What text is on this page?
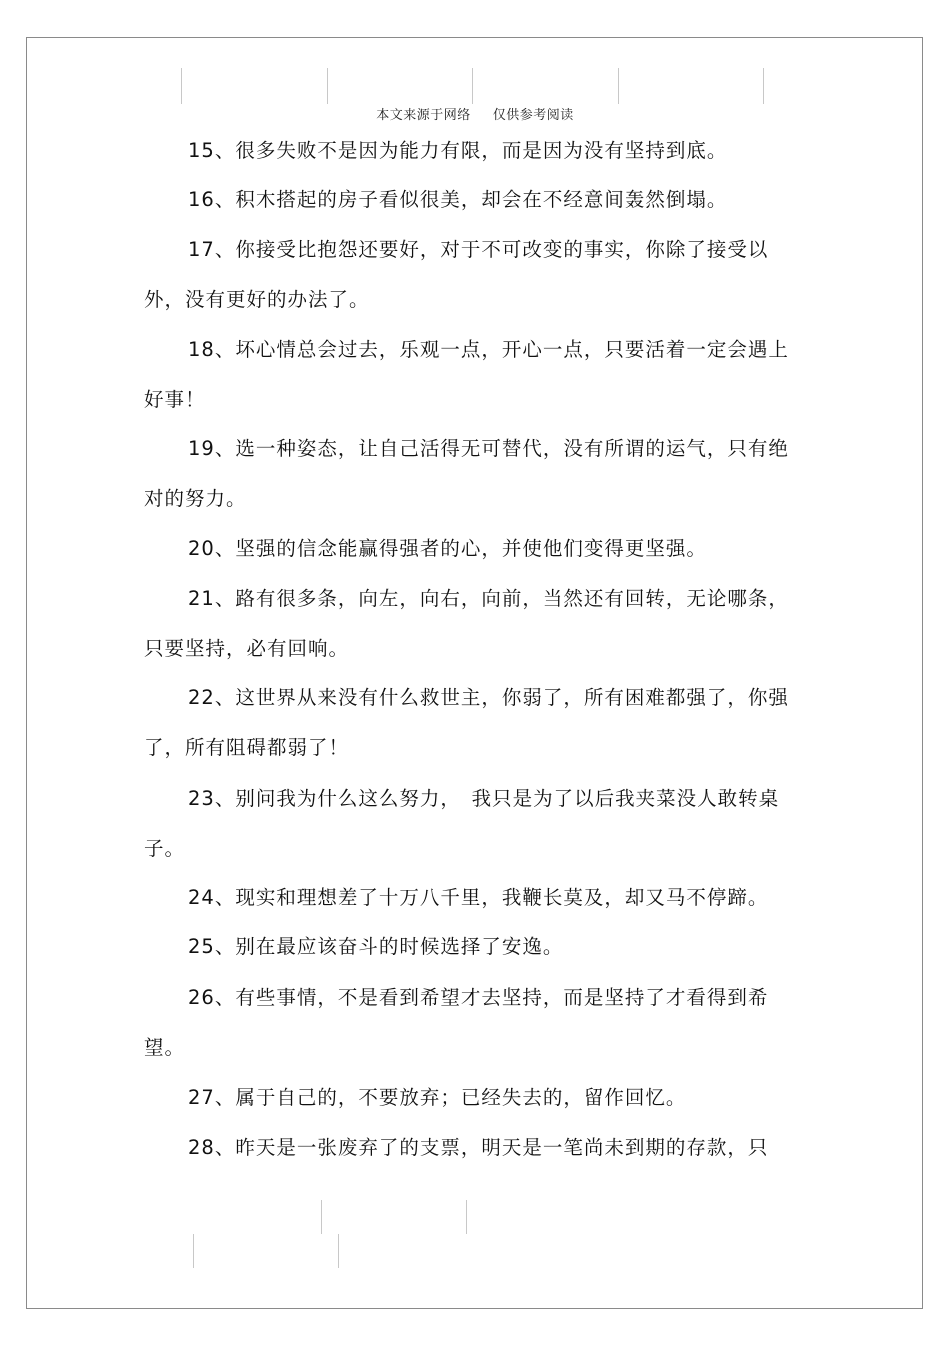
本文来源于网络 仅供参考阅读

15、很多失败不是因为能力有限，而是因为没有坚持到底。

16、积木搭起的房子看似很美，却会在不经意间轰然倒塌。

17、你接受比抱怨还要好，对于不可改变的事实，你除了接受以外，没有更好的办法了。

18、坏心情总会过去，乐观一点，开心一点，只要活着一定会遇上好事！

19、选一种姿态，让自己活得无可替代，没有所谓的运气，只有绝对的努力。

20、坚强的信念能赢得强者的心，并使他们变得更坚强。

21、路有很多条，向左，向右，向前，当然还有回转，无论哪条，只要坚持，必有回响。

22、这世界从来没有什么救世主，你弱了，所有困难都强了，你强了，所有阻碍都弱了！

23、别问我为什么这么努力，　我只是为了以后我夹菜没人敢转桌子。

24、现实和理想差了十万八千里，我鞭长莫及，却又马不停蹄。

25、别在最应该奋斗的时候选择了安逸。

26、有些事情，不是看到希望才去坚持，而是坚持了才看得到希望。

27、属于自己的，不要放弃；已经失去的，留作回忆。

28、昨天是一张废弃了的支票，明天是一笔尚未到期的存款，只
